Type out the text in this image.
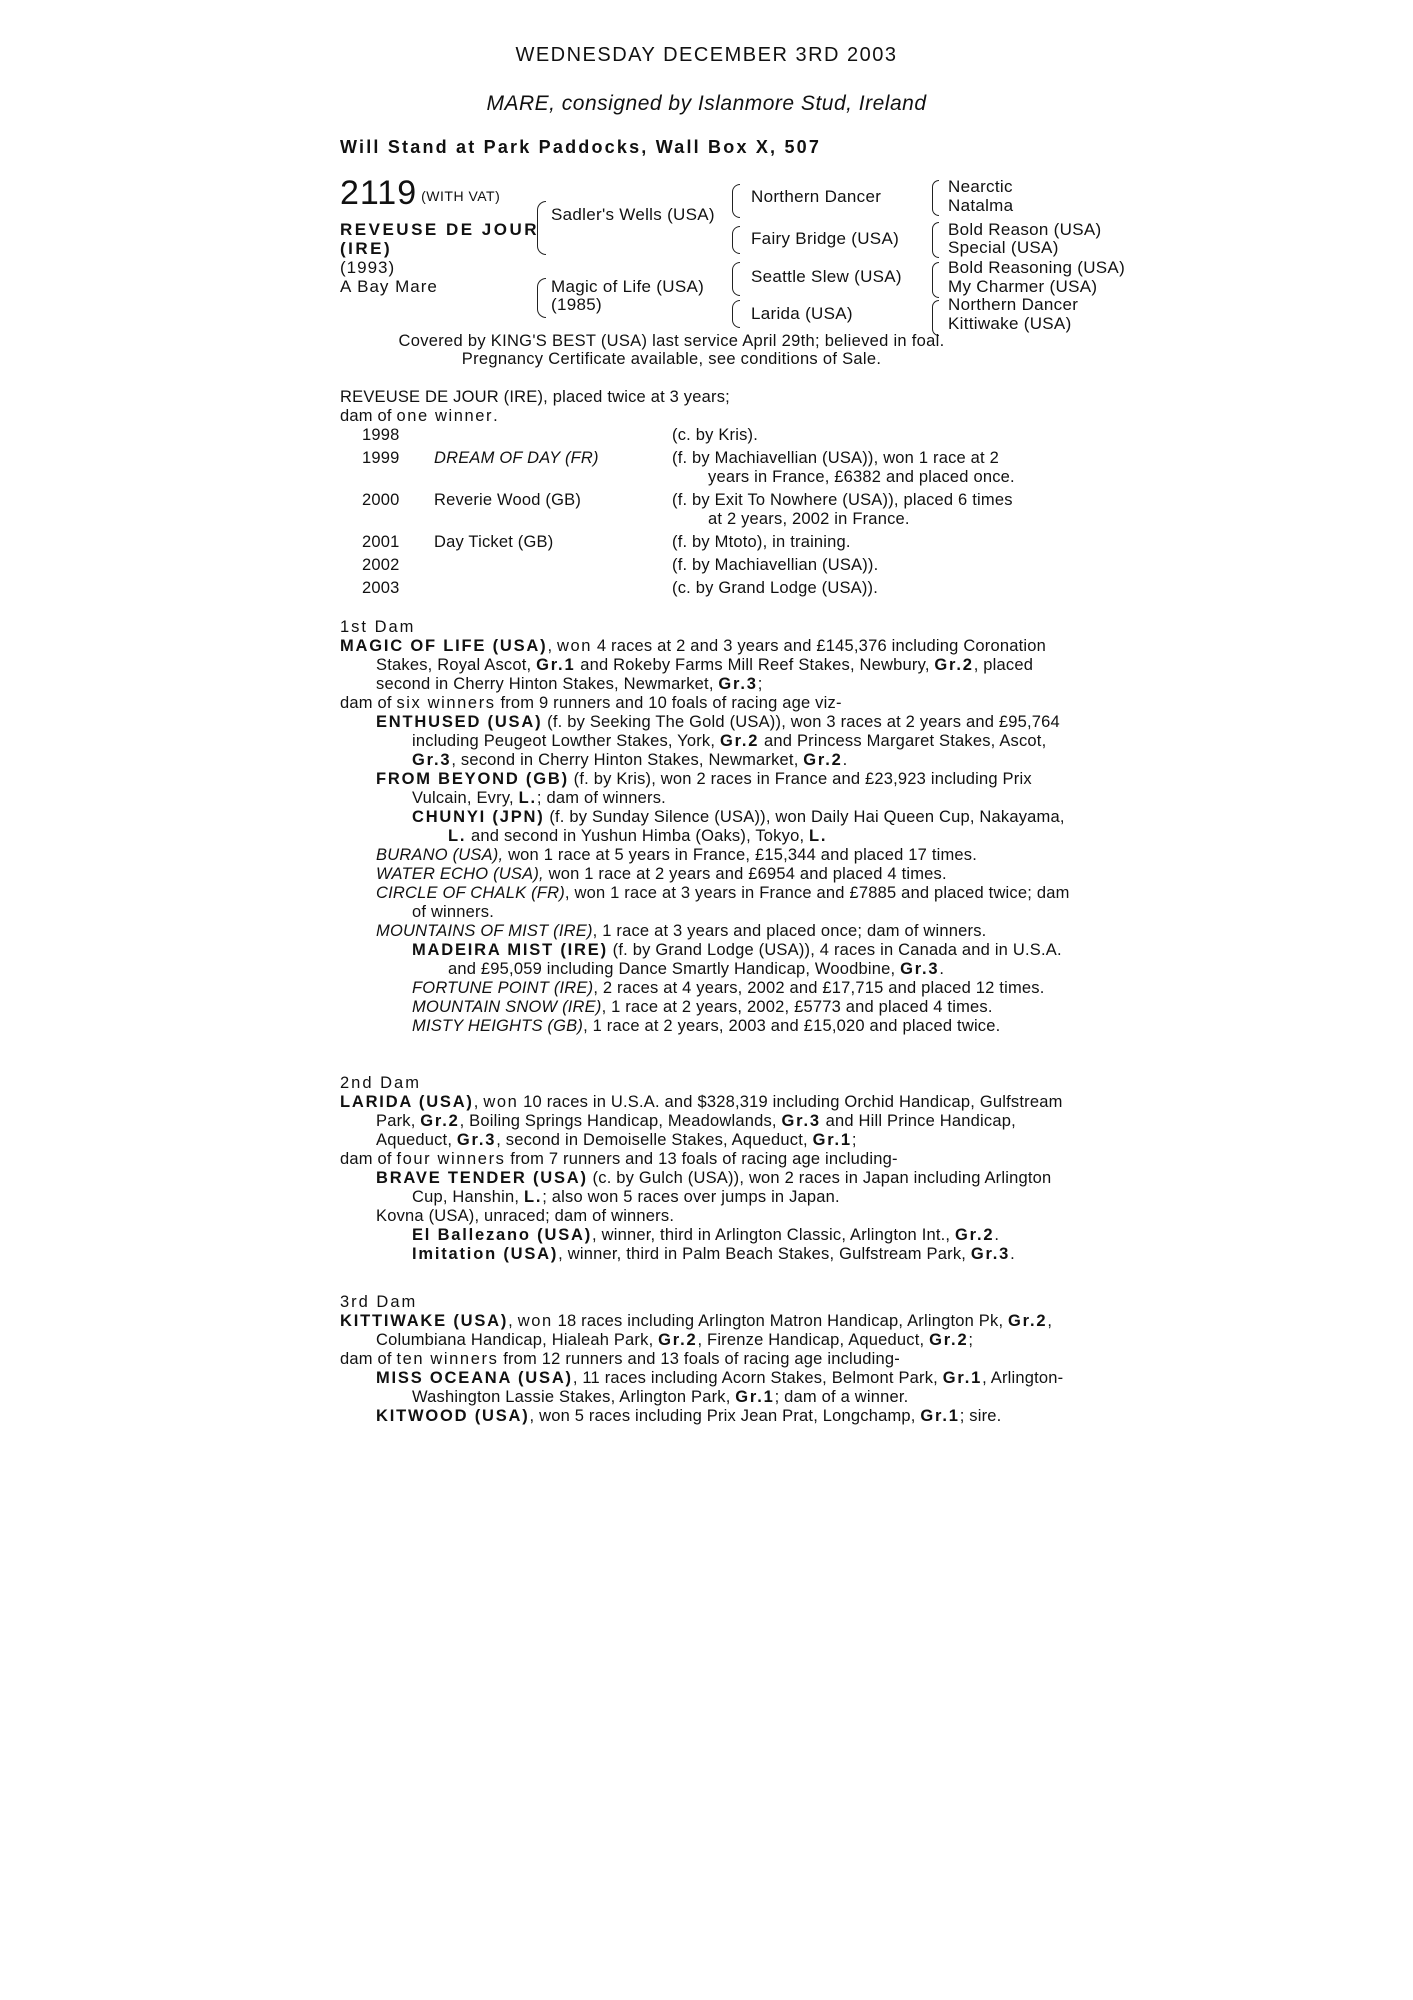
WEDNESDAY DECEMBER 3RD 2003
MARE, consigned by Islanmore Stud, Ireland
Will Stand at Park Paddocks, Wall Box X, 507
2119 (WITH VAT)
REVEUSE DE JOUR
(IRE)
(1993)
A Bay Mare
Sadler's Wells (USA)
Magic of Life (USA)
(1985)
Northern Dancer
Fairy Bridge (USA)
Seattle Slew (USA)
Larida (USA)
Nearctic
Natalma
Bold Reason (USA)
Special (USA)
Bold Reasoning (USA)
My Charmer (USA)
Northern Dancer
Kittiwake (USA)
Covered by KING'S BEST (USA) last service April 29th; believed in foal.
Pregnancy Certificate available, see conditions of Sale.

REVEUSE DE JOUR (IRE), placed twice at 3 years;

dam of one winner.

1998		(c. by Kris).

1999	DREAM OF DAY (FR)	(f. by Machiavellian (USA)), won 1 race at 2
years in France, £6382 and placed once.

2000	Reverie Wood (GB)	(f. by Exit To Nowhere (USA)), placed 6 times
at 2 years, 2002 in France.

2001	Day Ticket (GB)	(f. by Mtoto), in training.

2002		(f. by Machiavellian (USA)).

2003		(c. by Grand Lodge (USA)).

1st Dam

MAGIC OF LIFE (USA), won 4 races at 2 and 3 years and £145,376 including Coronation Stakes, Royal Ascot, Gr.1 and Rokeby Farms Mill Reef Stakes, Newbury, Gr.2, placed second in Cherry Hinton Stakes, Newmarket, Gr.3;

dam of six winners from 9 runners and 10 foals of racing age viz-

ENTHUSED (USA) (f. by Seeking The Gold (USA)), won 3 races at 2 years and £95,764 including Peugeot Lowther Stakes, York, Gr.2 and Princess Margaret Stakes, Ascot, Gr.3, second in Cherry Hinton Stakes, Newmarket, Gr.2.

FROM BEYOND (GB) (f. by Kris), won 2 races in France and £23,923 including Prix Vulcain, Evry, L.; dam of winners.

CHUNYI (JPN) (f. by Sunday Silence (USA)), won Daily Hai Queen Cup, Nakayama, L. and second in Yushun Himba (Oaks), Tokyo, L.

BURANO (USA), won 1 race at 5 years in France, £15,344 and placed 17 times.

WATER ECHO (USA), won 1 race at 2 years and £6954 and placed 4 times.

CIRCLE OF CHALK (FR), won 1 race at 3 years in France and £7885 and placed twice; dam of winners.

MOUNTAINS OF MIST (IRE), 1 race at 3 years and placed once; dam of winners.

MADEIRA MIST (IRE) (f. by Grand Lodge (USA)), 4 races in Canada and in U.S.A. and £95,059 including Dance Smartly Handicap, Woodbine, Gr.3.

FORTUNE POINT (IRE), 2 races at 4 years, 2002 and £17,715 and placed 12 times.

MOUNTAIN SNOW (IRE), 1 race at 2 years, 2002, £5773 and placed 4 times.

MISTY HEIGHTS (GB), 1 race at 2 years, 2003 and £15,020 and placed twice.

2nd Dam

LARIDA (USA), won 10 races in U.S.A. and $328,319 including Orchid Handicap, Gulfstream Park, Gr.2, Boiling Springs Handicap, Meadowlands, Gr.3 and Hill Prince Handicap, Aqueduct, Gr.3, second in Demoiselle Stakes, Aqueduct, Gr.1;

dam of four winners from 7 runners and 13 foals of racing age including-

BRAVE TENDER (USA) (c. by Gulch (USA)), won 2 races in Japan including Arlington Cup, Hanshin, L.; also won 5 races over jumps in Japan.

Kovna (USA), unraced; dam of winners.

El Ballezano (USA), winner, third in Arlington Classic, Arlington Int., Gr.2.

Imitation (USA), winner, third in Palm Beach Stakes, Gulfstream Park, Gr.3.

3rd Dam

KITTIWAKE (USA), won 18 races including Arlington Matron Handicap, Arlington Pk, Gr.2, Columbiana Handicap, Hialeah Park, Gr.2, Firenze Handicap, Aqueduct, Gr.2;

dam of ten winners from 12 runners and 13 foals of racing age including-

MISS OCEANA (USA), 11 races including Acorn Stakes, Belmont Park, Gr.1, Arlington-Washington Lassie Stakes, Arlington Park, Gr.1; dam of a winner.

KITWOOD (USA), won 5 races including Prix Jean Prat, Longchamp, Gr.1; sire.
